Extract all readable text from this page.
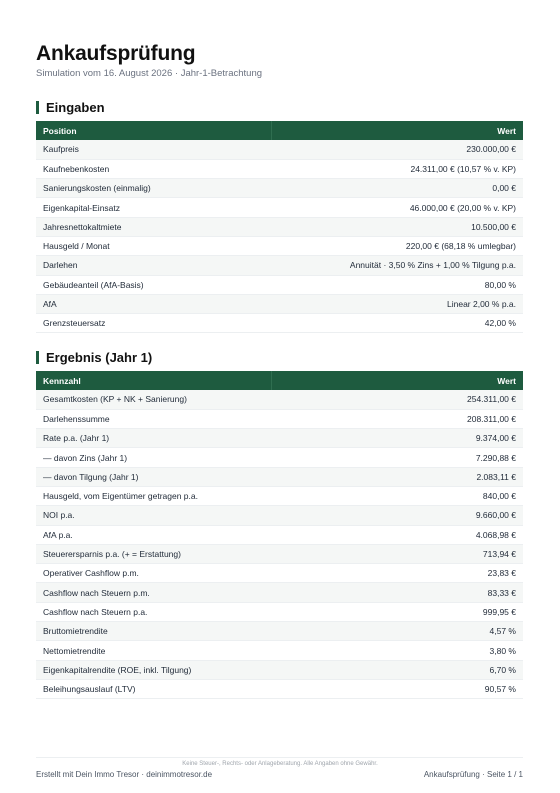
Ankaufsprüfung
Simulation vom 16. August 2026 · Jahr-1-Betrachtung
Eingaben
Position	Wert
Kaufpreis	230.000,00 €
Kaufnebenkosten	24.311,00 € (10,57 % v. KP)
Sanierungskosten (einmalig)	0,00 €
Eigenkapital-Einsatz	46.000,00 € (20,00 % v. KP)
Jahresnettokaltmiete	10.500,00 €
Hausgeld / Monat	220,00 € (68,18 % umlegbar)
Darlehen	Annuität · 3,50 % Zins + 1,00 % Tilgung p.a.
Gebäudeanteil (AfA-Basis)	80,00 %
AfA	Linear 2,00 % p.a.
Grenzsteuersatz	42,00 %
Ergebnis (Jahr 1)
Kennzahl	Wert
Gesamtkosten (KP + NK + Sanierung)	254.311,00 €
Darlehenssumme	208.311,00 €
Rate p.a. (Jahr 1)	9.374,00 €
— davon Zins (Jahr 1)	7.290,88 €
— davon Tilgung (Jahr 1)	2.083,11 €
Hausgeld, vom Eigentümer getragen p.a.	840,00 €
NOI p.a.	9.660,00 €
AfA p.a.	4.068,98 €
Steuerersparnis p.a. (+ = Erstattung)	713,94 €
Operativer Cashflow p.m.	23,83 €
Cashflow nach Steuern p.m.	83,33 €
Cashflow nach Steuern p.a.	999,95 €
Bruttomietrendite	4,57 %
Nettomietrendite	3,80 %
Eigenkapitalrendite (ROE, inkl. Tilgung)	6,70 %
Beleihungsauslauf (LTV)	90,57 %
Keine Steuer-, Rechts- oder Anlageberatung. Alle Angaben ohne Gewähr.
Erstellt mit Dein Immo Tresor · deinimmotresor.de	Ankaufsprüfung · Seite 1 / 1
